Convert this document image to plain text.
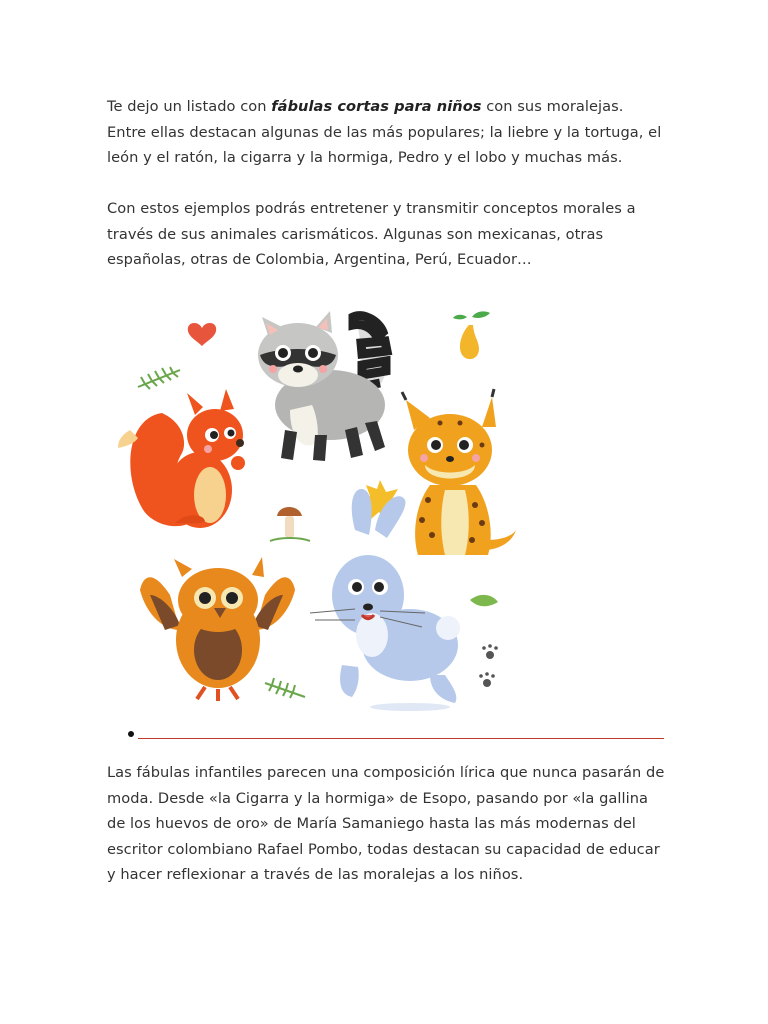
Te dejo un listado con fábulas cortas para niños con sus moralejas. Entre ellas destacan algunas de las más populares; la liebre y la tortuga, el león y el ratón, la cigarra y la hormiga, Pedro y el lobo y muchas más.

Con estos ejemplos podrás entretener y transmitir conceptos morales a través de sus animales carismáticos. Algunas son mexicanas, otras españolas, otras de Colombia, Argentina, Perú, Ecuador…

Las fábulas infantiles parecen una composición lírica que nunca pasarán de moda. Desde «la Cigarra y la hormiga» de Esopo, pasando por «la gallina de los huevos de oro» de María Samaniego hasta las más modernas del escritor colombiano Rafael Pombo, todas destacan su capacidad de educar y hacer reflexionar a través de las moralejas a los niños.
